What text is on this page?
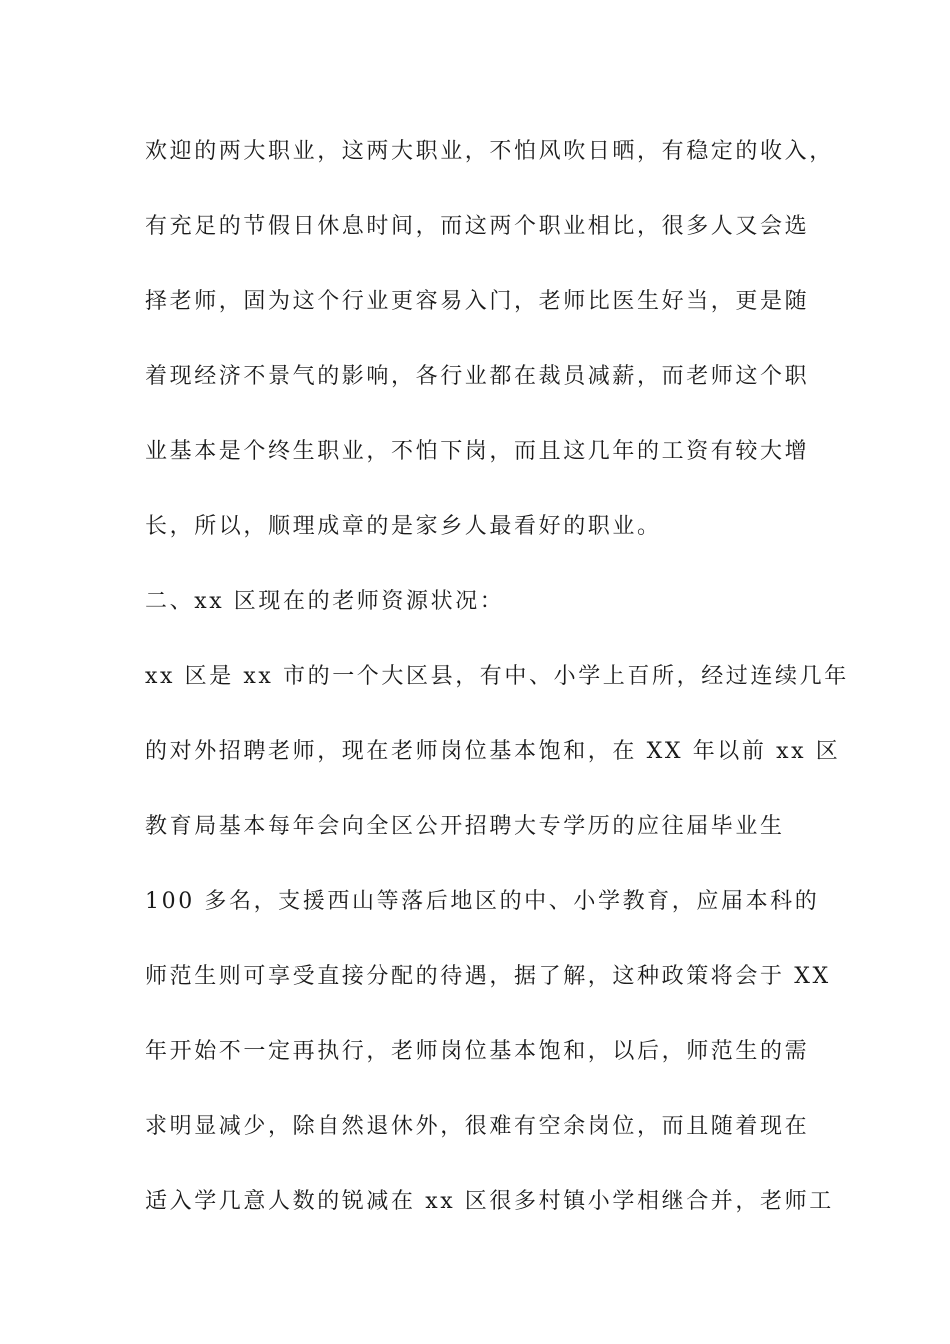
欢迎的两大职业，这两大职业，不怕风吹日晒，有稳定的收入，
有充足的节假日休息时间，而这两个职业相比，很多人又会选
择老师，固为这个行业更容易入门，老师比医生好当，更是随
着现经济不景气的影响，各行业都在裁员减薪，而老师这个职
业基本是个终生职业，不怕下岗，而且这几年的工资有较大增
长，所以，顺理成章的是家乡人最看好的职业。
二、xx 区现在的老师资源状况：
xx 区是 xx 市的一个大区县，有中、小学上百所，经过连续几年
的对外招聘老师，现在老师岗位基本饱和，在 XX 年以前 xx 区
教育局基本每年会向全区公开招聘大专学历的应往届毕业生
100 多名，支援西山等落后地区的中、小学教育，应届本科的
师范生则可享受直接分配的待遇，据了解，这种政策将会于 XX
年开始不一定再执行，老师岗位基本饱和，以后，师范生的需
求明显减少，除自然退休外，很难有空余岗位，而且随着现在
适入学几意人数的锐减在 xx 区很多村镇小学相继合并，老师工
